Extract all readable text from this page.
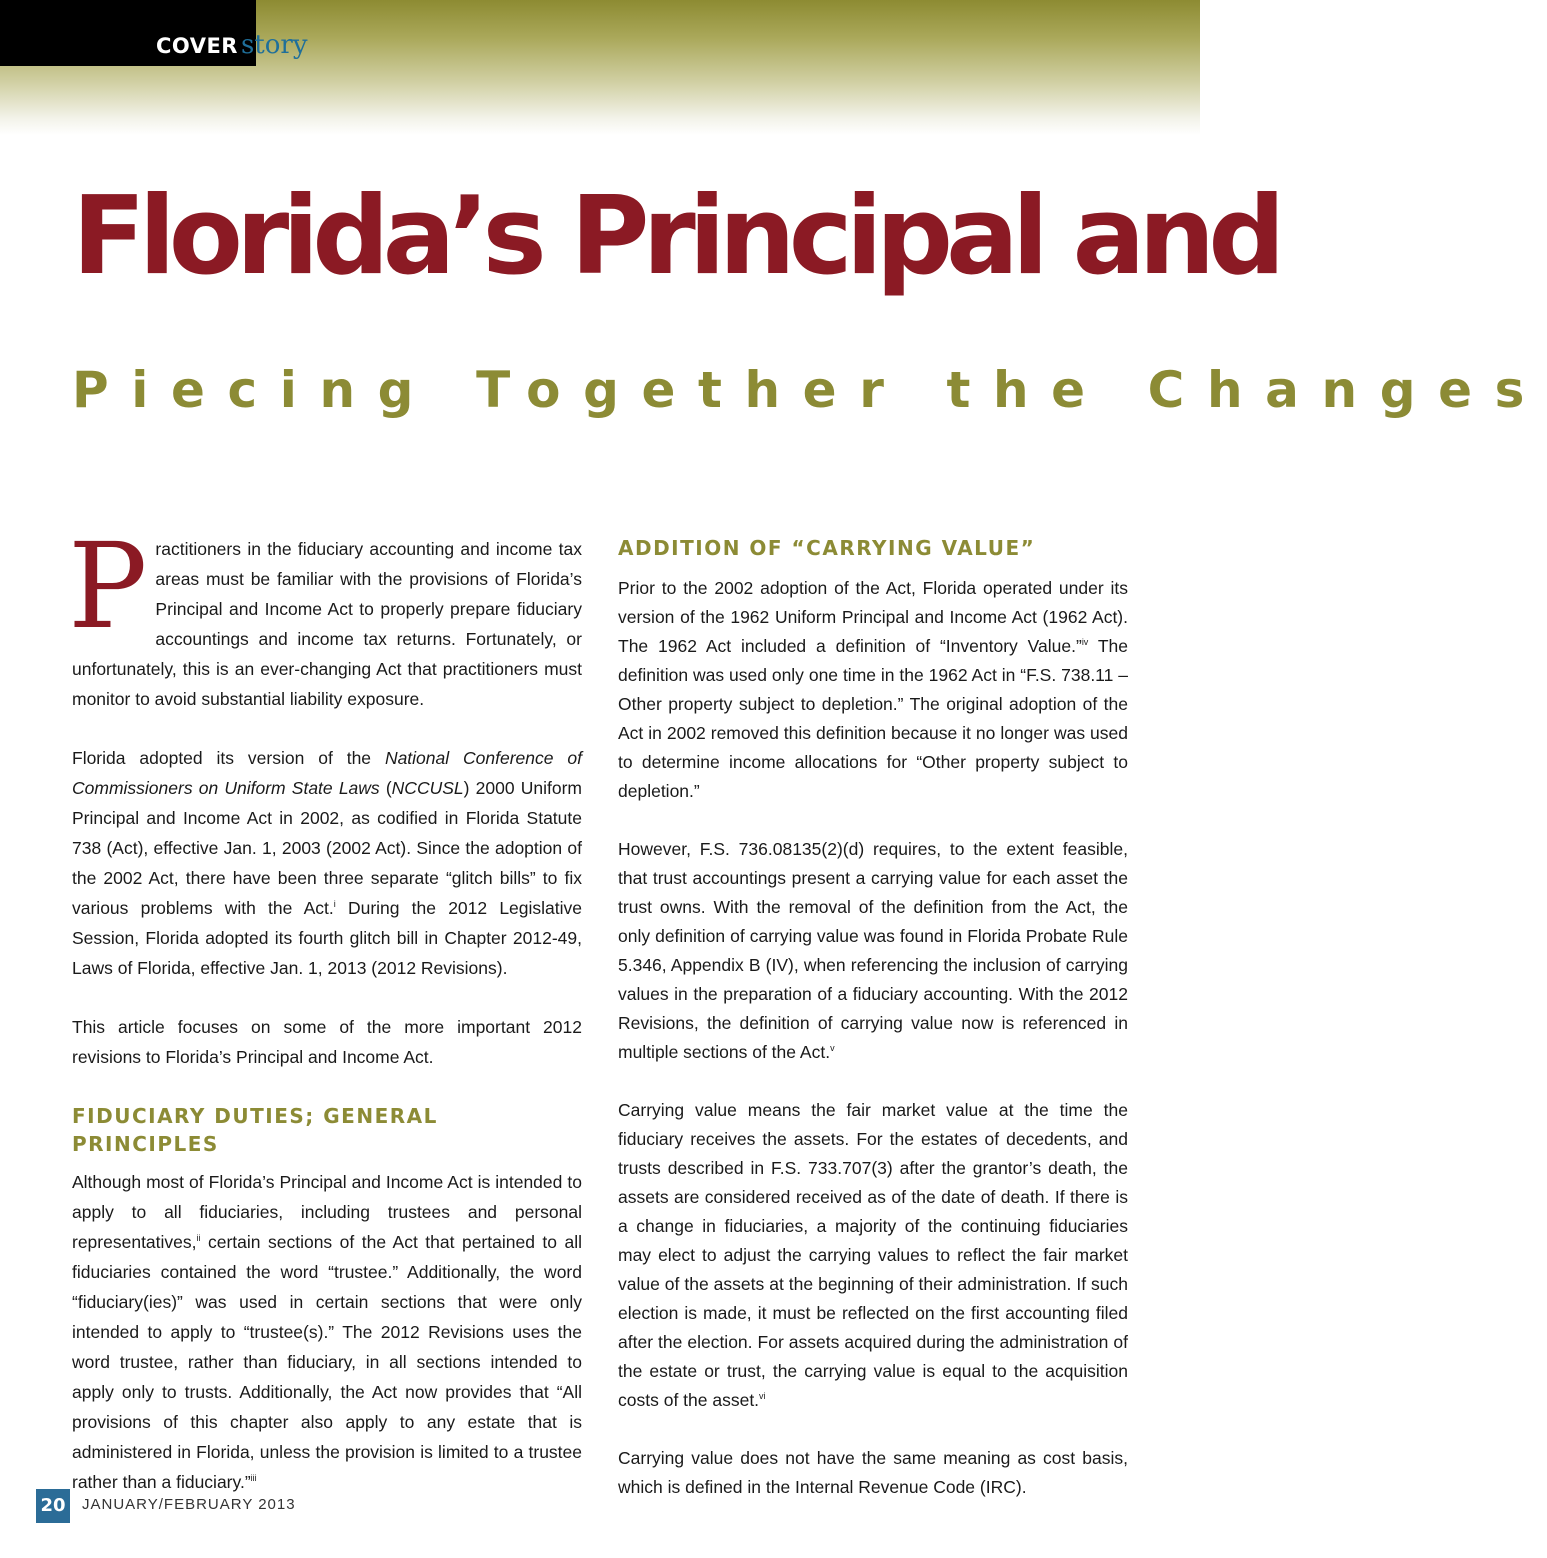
COVER story
Florida’s Principal and
Piecing Together the Changes

Practitioners in the fiduciary accounting and income tax areas must be familiar with the provisions of Florida’s Principal and Income Act to properly prepare fiduciary accountings and income tax returns. Fortunately, or unfortunately, this is an ever-changing Act that practitioners must monitor to avoid substantial liability exposure.

Florida adopted its version of the National Conference of Commissioners on Uniform State Laws (NCCUSL) 2000 Uniform Principal and Income Act in 2002, as codified in Florida Statute 738 (Act), effective Jan. 1, 2003 (2002 Act). Since the adoption of the 2002 Act, there have been three separate “glitch bills” to fix various problems with the Act.$^i$ During the 2012 Legislative Session, Florida adopted its fourth glitch bill in Chapter 2012-49, Laws of Florida, effective Jan. 1, 2013 (2012 Revisions).

This article focuses on some of the more important 2012 revisions to Florida’s Principal and Income Act.

FIDUCIARY DUTIES; GENERAL PRINCIPLES

Although most of Florida’s Principal and Income Act is intended to apply to all fiduciaries, including trustees and personal representatives,$^{ii}$ certain sections of the Act that pertained to all fiduciaries contained the word “trustee.” Additionally, the word “fiduciary(ies)” was used in certain sections that were only intended to apply to “trustee(s).” The 2012 Revisions uses the word trustee, rather than fiduciary, in all sections intended to apply only to trusts. Additionally, the Act now provides that “All provisions of this chapter also apply to any estate that is administered in Florida, unless the provision is limited to a trustee rather than a fiduciary.”$^{iii}$

ADDITION OF “CARRYING VALUE”

Prior to the 2002 adoption of the Act, Florida operated under its version of the 1962 Uniform Principal and Income Act (1962 Act). The 1962 Act included a definition of “Inventory Value.”$^{iv}$ The definition was used only one time in the 1962 Act in “F.S. 738.11 – Other property subject to depletion.” The original adoption of the Act in 2002 removed this definition because it no longer was used to determine income allocations for “Other property subject to depletion.”

However, F.S. 736.08135(2)(d) requires, to the extent feasible, that trust accountings present a carrying value for each asset the trust owns. With the removal of the definition from the Act, the only definition of carrying value was found in Florida Probate Rule 5.346, Appendix B (IV), when referencing the inclusion of carrying values in the preparation of a fiduciary accounting. With the 2012 Revisions, the definition of carrying value now is referenced in multiple sections of the Act.$^v$

Carrying value means the fair market value at the time the fiduciary receives the assets. For the estates of decedents, and trusts described in F.S. 733.707(3) after the grantor’s death, the assets are considered received as of the date of death. If there is a change in fiduciaries, a majority of the continuing fiduciaries may elect to adjust the carrying values to reflect the fair market value of the assets at the beginning of their administration. If such election is made, it must be reflected on the first accounting filed after the election. For assets acquired during the administration of the estate or trust, the carrying value is equal to the acquisition costs of the asset.$^{vi}$

Carrying value does not have the same meaning as cost basis, which is defined in the Internal Revenue Code (IRC).

20 JANUARY/FEBRUARY 2013
